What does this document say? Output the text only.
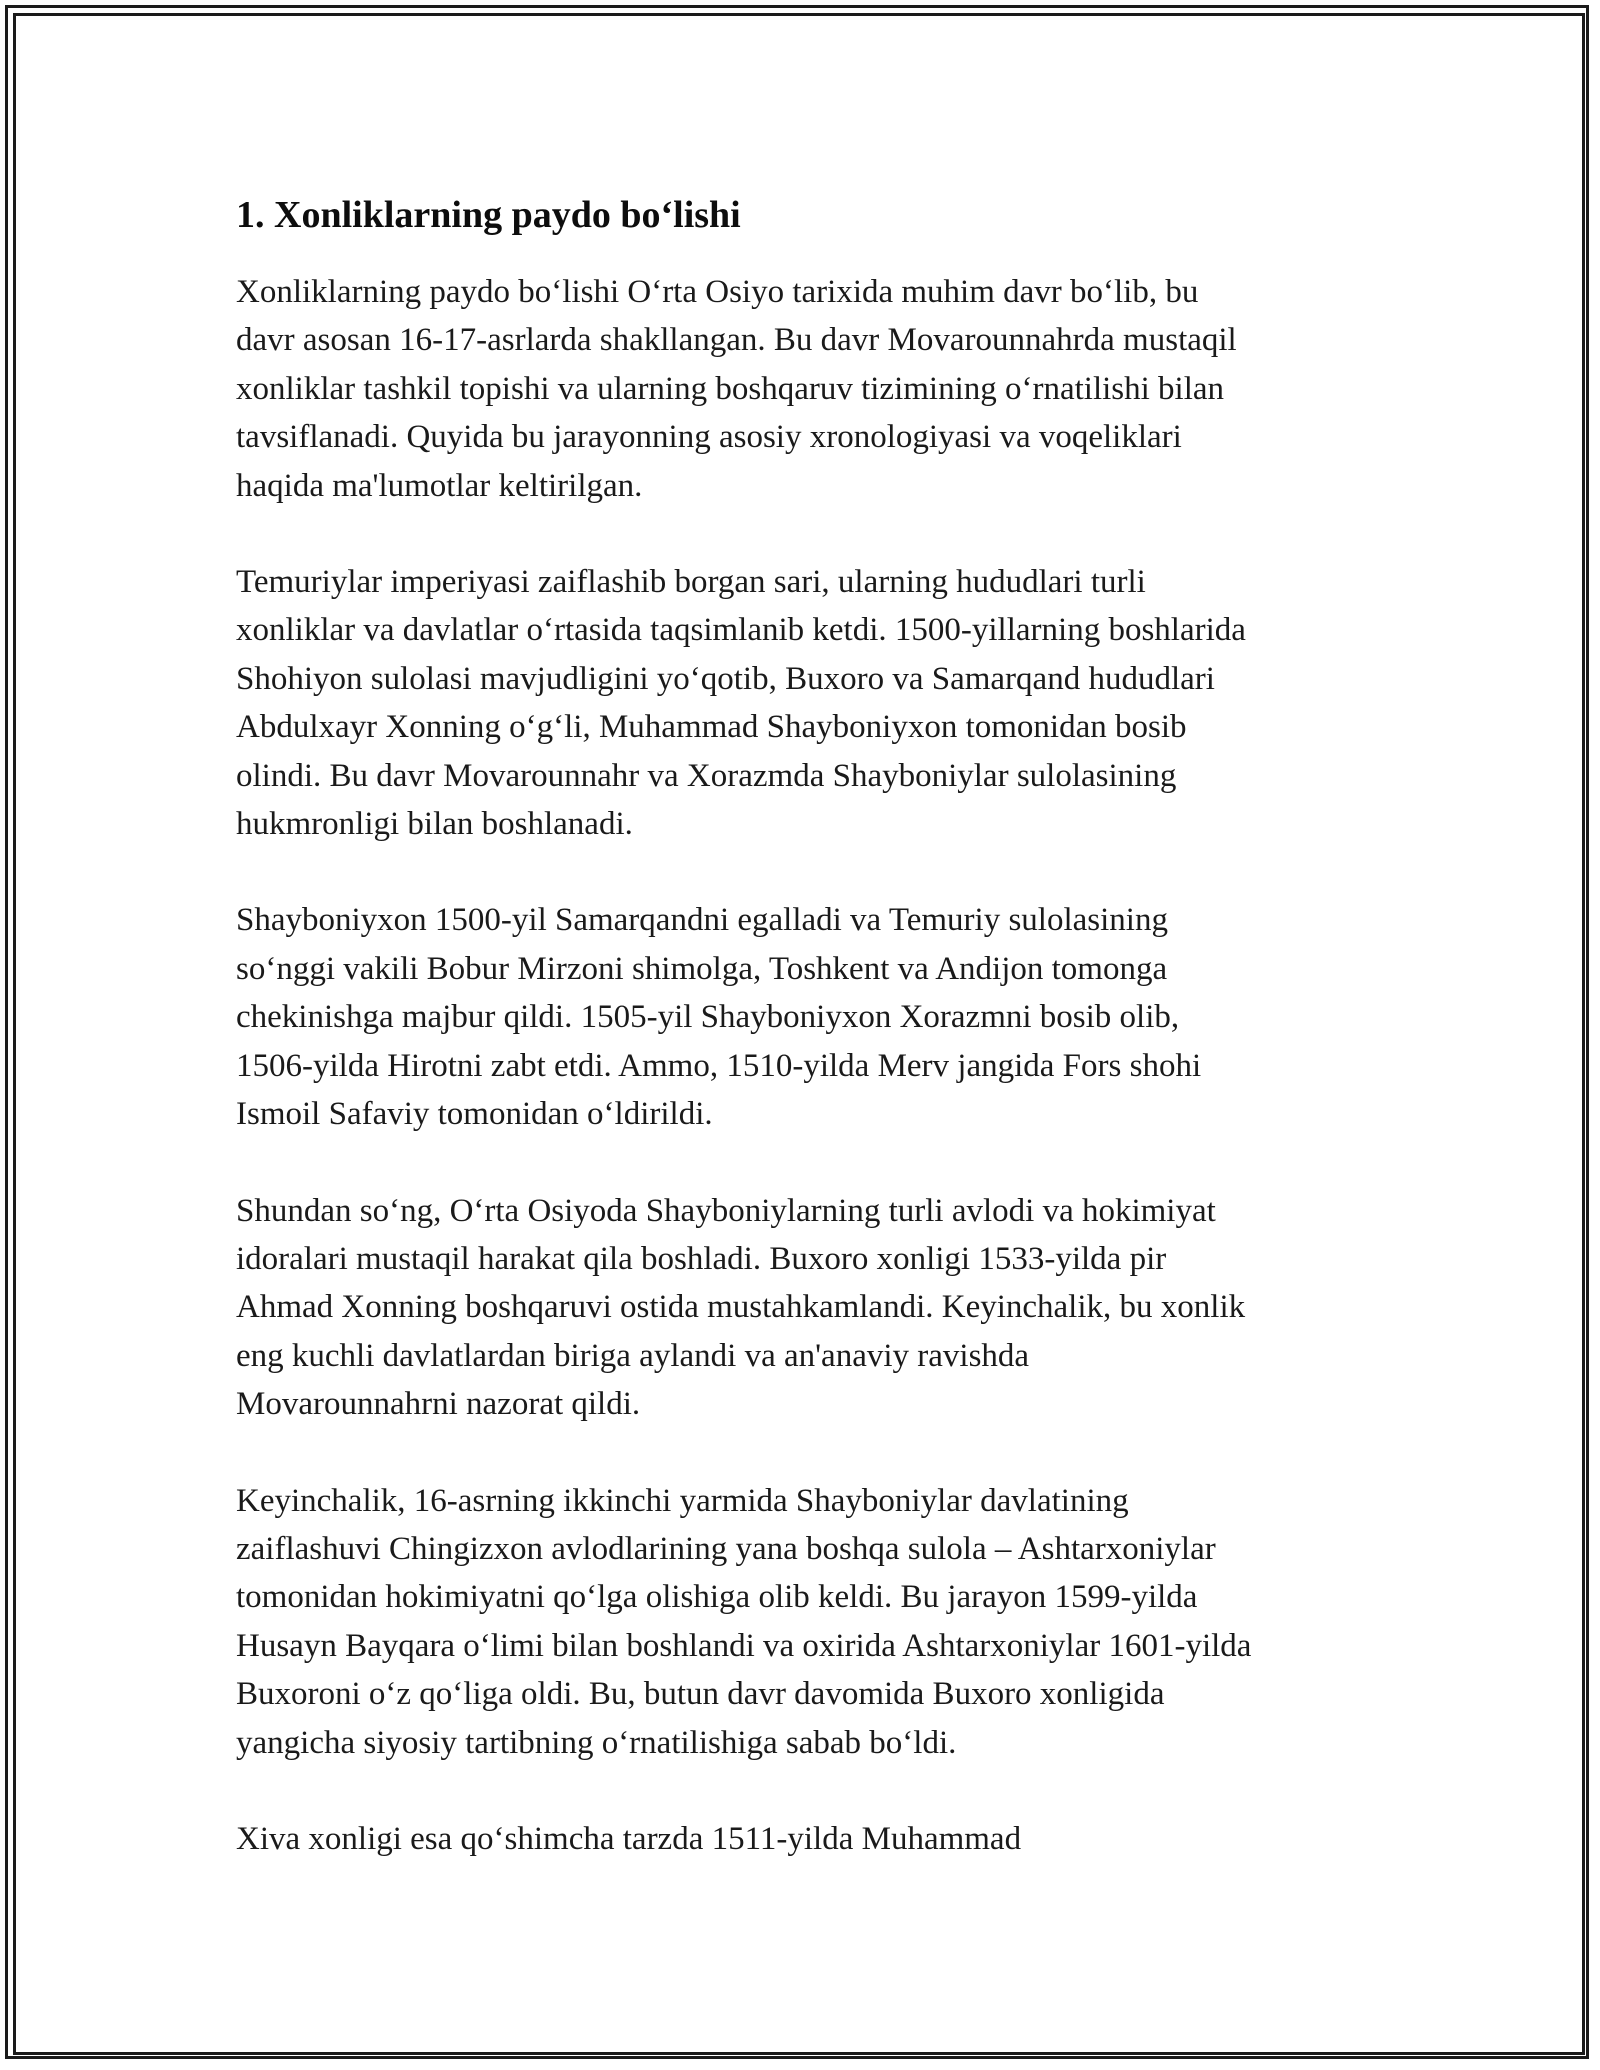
1. Xonliklarning paydo bo‘lishi

Xonliklarning paydo bo‘lishi O‘rta Osiyo tarixida muhim davr bo‘lib, bu
davr asosan 16-17-asrlarda shakllangan. Bu davr Movarounnahrda mustaqil
xonliklar tashkil topishi va ularning boshqaruv tizimining o‘rnatilishi bilan
tavsiflanadi. Quyida bu jarayonning asosiy xronologiyasi va voqeliklari
haqida ma'lumotlar keltirilgan.

Temuriylar imperiyasi zaiflashib borgan sari, ularning hududlari turli
xonliklar va davlatlar o‘rtasida taqsimlanib ketdi. 1500-yillarning boshlarida
Shohiyon sulolasi mavjudligini yo‘qotib, Buxoro va Samarqand hududlari
Abdulxayr Xonning o‘g‘li, Muhammad Shayboniyxon tomonidan bosib
olindi. Bu davr Movarounnahr va Xorazmda Shayboniylar sulolasining
hukmronligi bilan boshlanadi.

Shayboniyxon 1500-yil Samarqandni egalladi va Temuriy sulolasining
so‘nggi vakili Bobur Mirzoni shimolga, Toshkent va Andijon tomonga
chekinishga majbur qildi. 1505-yil Shayboniyxon Xorazmni bosib olib,
1506-yilda Hirotni zabt etdi. Ammo, 1510-yilda Merv jangida Fors shohi
Ismoil Safaviy tomonidan o‘ldirildi.

Shundan so‘ng, O‘rta Osiyoda Shayboniylarning turli avlodi va hokimiyat
idoralari mustaqil harakat qila boshladi. Buxoro xonligi 1533-yilda pir
Ahmad Xonning boshqaruvi ostida mustahkamlandi. Keyinchalik, bu xonlik
eng kuchli davlatlardan biriga aylandi va an'anaviy ravishda
Movarounnahrni nazorat qildi.

Keyinchalik, 16-asrning ikkinchi yarmida Shayboniylar davlatining
zaiflashuvi Chingizxon avlodlarining yana boshqa sulola – Ashtarxoniylar
tomonidan hokimiyatni qo‘lga olishiga olib keldi. Bu jarayon 1599-yilda
Husayn Bayqara o‘limi bilan boshlandi va oxirida Ashtarxoniylar 1601-yilda
Buxoroni o‘z qo‘liga oldi. Bu, butun davr davomida Buxoro xonligida
yangicha siyosiy tartibning o‘rnatilishiga sabab bo‘ldi.

Xiva xonligi esa qo‘shimcha tarzda 1511-yilda Muhammad
